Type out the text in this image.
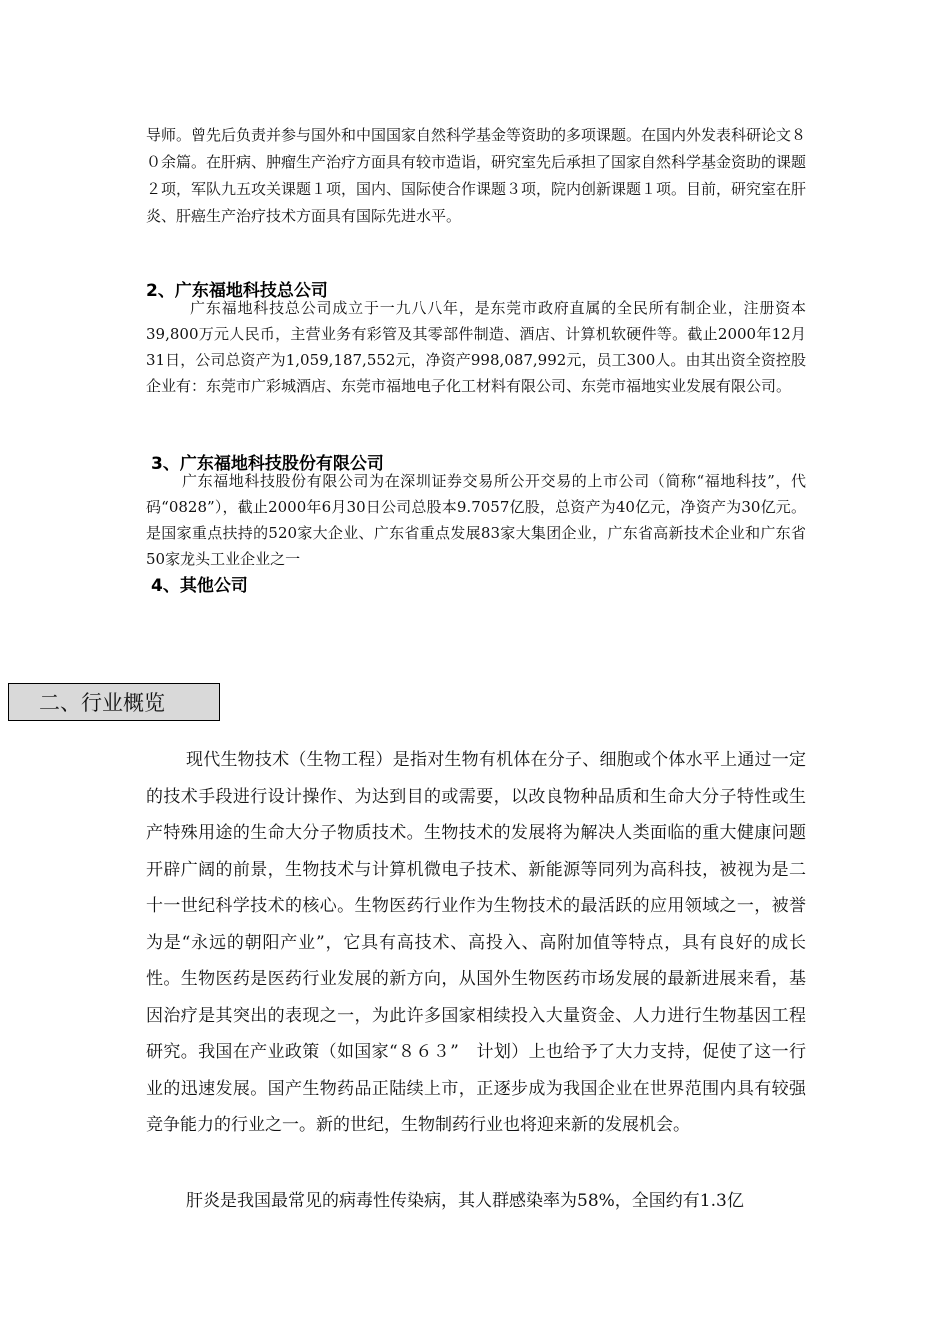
导师。曾先后负责并参与国外和中国国家自然科学基金等资助的多项课题。在国内外发表科研论文８０余篇。在肝病、肿瘤生产治疗方面具有较市造诣，研究室先后承担了国家自然科学基金资助的课题２项，军队九五攻关课题１项，国内、国际使合作课题３项，院内创新课题１项。目前，研究室在肝炎、肝癌生产治疗技术方面具有国际先进水平。
2、广东福地科技总公司
广东福地科技总公司成立于一九八八年，是东莞市政府直属的全民所有制企业，注册资本39,800万元人民币，主营业务有彩管及其零部件制造、酒店、计算机软硬件等。截止2000年12月31日，公司总资产为1,059,187,552元，净资产998,087,992元，员工300人。由其出资全资控股企业有：东莞市广彩城酒店、东莞市福地电子化工材料有限公司、东莞市福地实业发展有限公司。
3、广东福地科技股份有限公司
广东福地科技股份有限公司为在深圳证券交易所公开交易的上市公司（简称“福地科技”，代码“0828”），截止2000年6月30日公司总股本9.7057亿股，总资产为40亿元，净资产为30亿元。是国家重点扶持的520家大企业、广东省重点发展83家大集团企业，广东省高新技术企业和广东省50家龙头工业企业之一
4、其他公司
二、行业概览
现代生物技术（生物工程）是指对生物有机体在分子、细胞或个体水平上通过一定的技术手段进行设计操作、为达到目的或需要，以改良物种品质和生命大分子特性或生产特殊用途的生命大分子物质技术。生物技术的发展将为解决人类面临的重大健康问题开辟广阔的前景，生物技术与计算机微电子技术、新能源等同列为高科技，被视为是二十一世纪科学技术的核心。生物医药行业作为生物技术的最活跃的应用领域之一，被誉为是“永远的朝阳产业”，它具有高技术、高投入、高附加值等特点，具有良好的成长性。生物医药是医药行业发展的新方向，从国外生物医药市场发展的最新进展来看，基因治疗是其突出的表现之一，为此许多国家相续投入大量资金、人力进行生物基因工程研究。我国在产业政策（如国家“８６３”　计划）上也给予了大力支持，促使了这一行业的迅速发展。国产生物药品正陆续上市，正逐步成为我国企业在世界范围内具有较强竞争能力的行业之一。新的世纪，生物制药行业也将迎来新的发展机会。
肝炎是我国最常见的病毒性传染病，其人群感染率为58%，全国约有1.3亿
